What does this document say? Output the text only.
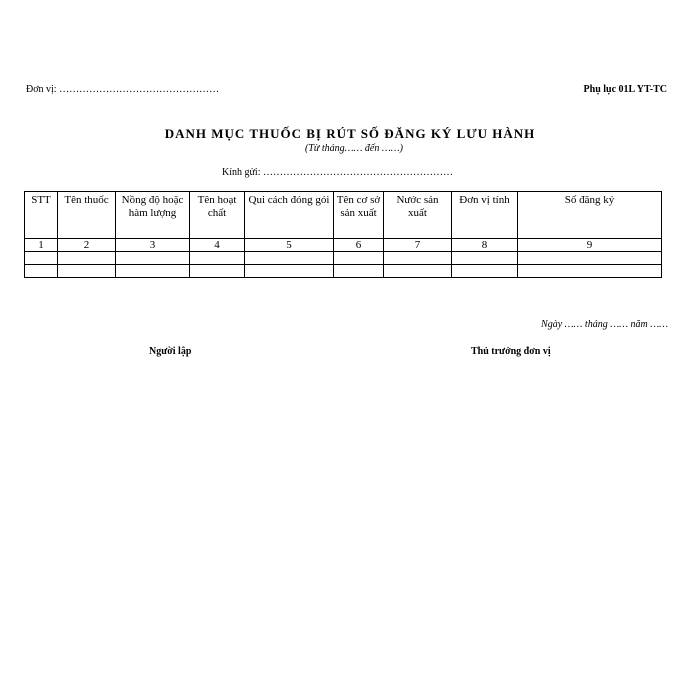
Đơn vị: …………………………………………	Phụ lục 01L YT-TC
DANH MỤC THUỐC BỊ RÚT SỐ ĐĂNG KÝ LƯU HÀNH
(Từ tháng…… đến ……)
Kính gửi: …………………………………………………
STT	Tên thuốc	Nồng độ hoặc hàm lượng	Tên hoạt chất	Qui cách đóng gói	Tên cơ sở sản xuất	Nước sản xuất	Đơn vị tính	Số đăng ký
1	2	3	4	5	6	7	8	9

Ngày …… tháng …… năm ……
Người lập	Thủ trưởng đơn vị
